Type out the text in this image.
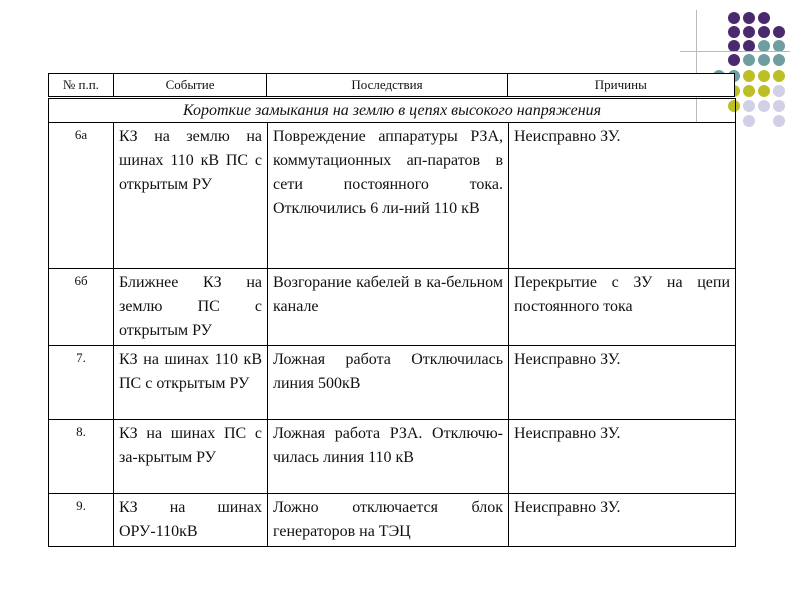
№ п.п.	Событие	Последствия	Причины
Короткие замыкания на землю в цепях высокого напряжения			
6а	КЗ на землю на шинах 110 кВ ПС с открытым РУ	Повреждение аппаратуры РЗА, коммутационных ап-паратов в сети постоянного тока. Отключились 6 ли-ний 110 кВ	Неисправно ЗУ.
6б	Ближнее КЗ на землю ПС с открытым РУ	Возгорание кабелей в ка-бельном канале	Перекрытие с ЗУ на цепи постоянного тока
7.	КЗ на шинах 110 кВ ПС с открытым РУ	Ложная работа Отключилась линия 500кВ	Неисправно ЗУ.
8.	КЗ на шинах ПС с за-крытым РУ	Ложная работа РЗА. Отключю- чилась линия 110 кВ	Неисправно ЗУ.
9.	КЗ на шинах ОРУ-110кВ	Ложно отключается блок генераторов на ТЭЦ	Неисправно ЗУ.
